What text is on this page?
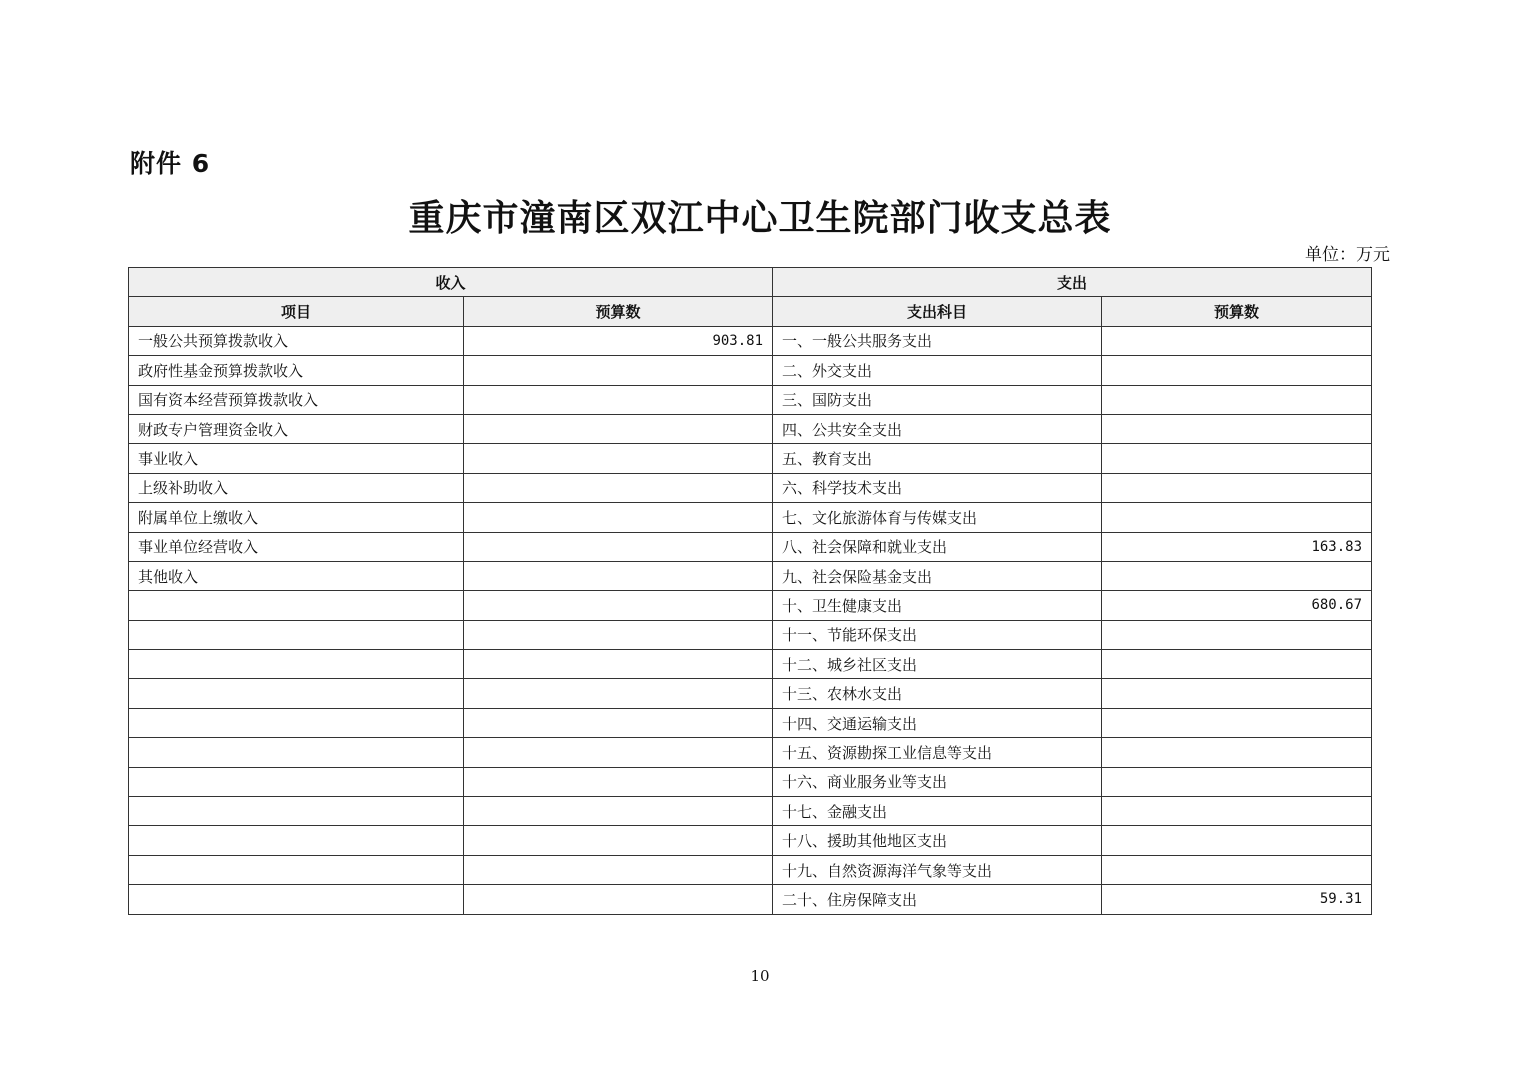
附件 6
重庆市潼南区双江中心卫生院部门收支总表
单位：万元
收入		支出	
项目	预算数	支出科目	预算数
一般公共预算拨款收入	903.81	一、一般公共服务支出	
政府性基金预算拨款收入		二、外交支出	
国有资本经营预算拨款收入		三、国防支出	
财政专户管理资金收入		四、公共安全支出	
事业收入		五、教育支出	
上级补助收入		六、科学技术支出	
附属单位上缴收入		七、文化旅游体育与传媒支出	
事业单位经营收入		八、社会保障和就业支出	163.83
其他收入		九、社会保险基金支出	
		十、卫生健康支出	680.67
		十一、节能环保支出	
		十二、城乡社区支出	
		十三、农林水支出	
		十四、交通运输支出	
		十五、资源勘探工业信息等支出	
		十六、商业服务业等支出	
		十七、金融支出	
		十八、援助其他地区支出	
		十九、自然资源海洋气象等支出	
		二十、住房保障支出	59.31
10
